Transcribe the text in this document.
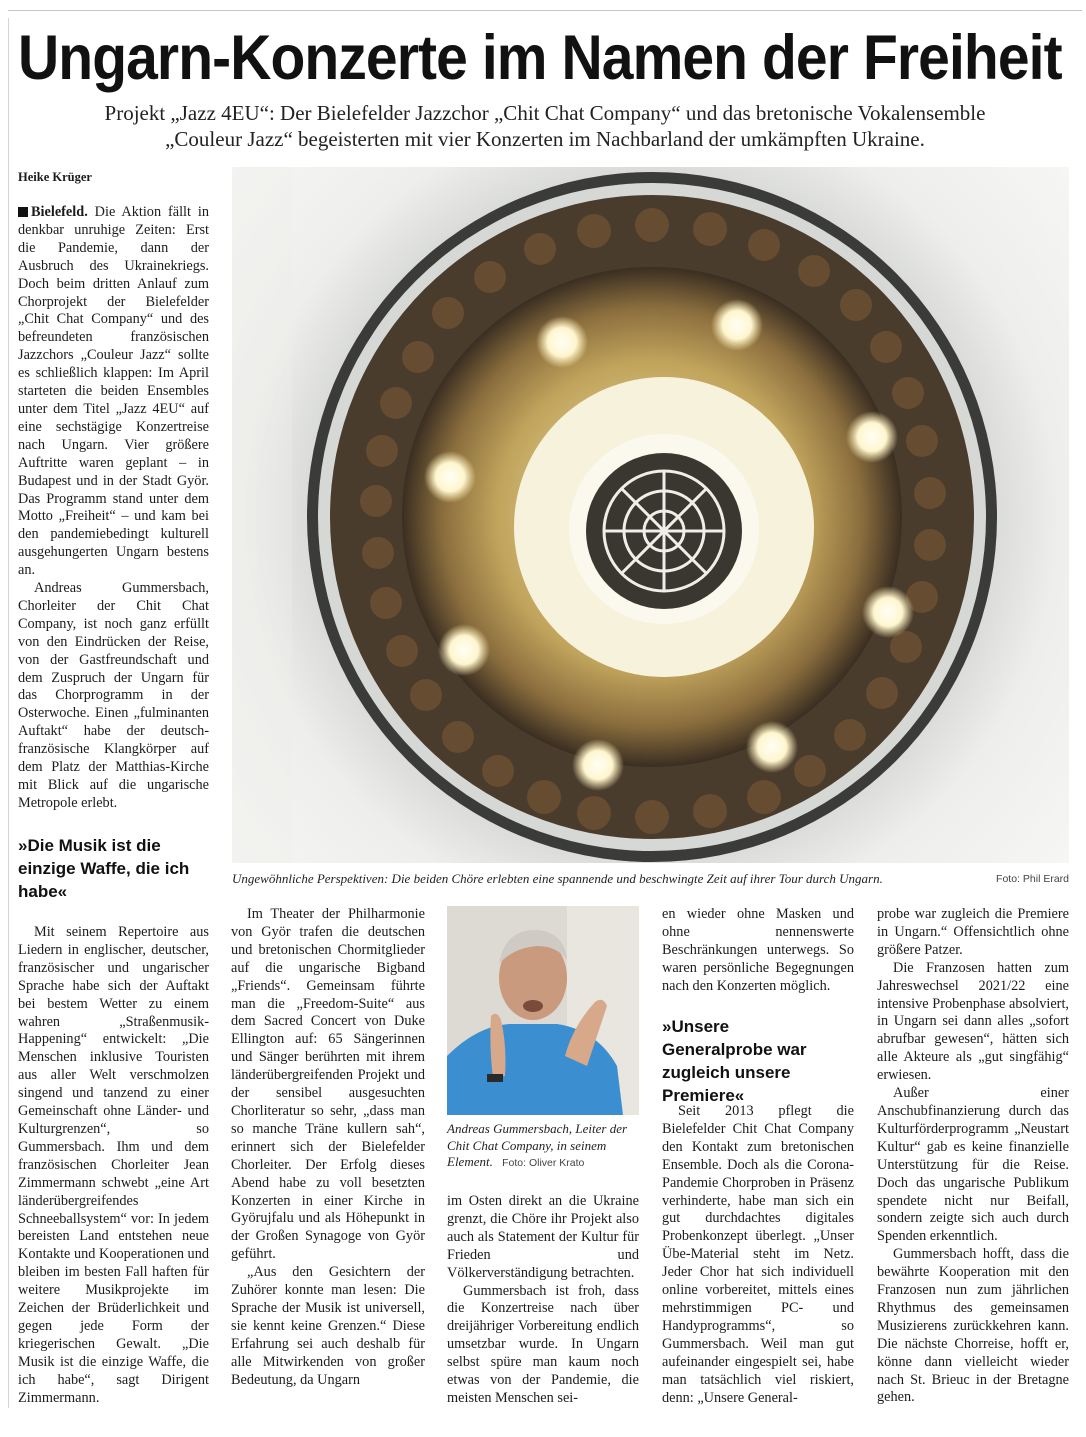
Ungarn-Konzerte im Namen der Freiheit
Projekt „Jazz 4EU“: Der Bielefelder Jazzchor „Chit Chat Company“ und das bretonische Vokalensemble
„Couleur Jazz“ begeisterten mit vier Konzerten im Nachbarland der umkämpften Ukraine.
Heike Krüger

Bielefeld. Die Aktion fällt in denkbar unruhige Zeiten: Erst die Pandemie, dann der Ausbruch des Ukrainekriegs. Doch beim dritten Anlauf zum Chorprojekt der Bielefelder „Chit Chat Company“ und des befreundeten französischen Jazzchors „Couleur Jazz“ sollte es schließlich klappen: Im April starteten die beiden Ensembles unter dem Titel „Jazz 4EU“ auf eine sechstägige Konzertreise nach Ungarn. Vier größere Auftritte waren geplant – in Budapest und in der Stadt Györ. Das Programm stand unter dem Motto „Freiheit“ – und kam bei den pandemiebedingt kulturell ausgehungerten Ungarn bestens an.

Andreas Gummersbach, Chorleiter der Chit Chat Company, ist noch ganz erfüllt von den Eindrücken der Reise, von der Gastfreundschaft und dem Zuspruch der Ungarn für das Chorprogramm in der Osterwoche. Einen „fulminanten Auftakt“ habe der deutsch-französische Klangkörper auf dem Platz der Matthias-Kirche mit Blick auf die ungarische Metropole erlebt.

»Die Musik ist die einzige Waffe, die ich habe«

Mit seinem Repertoire aus Liedern in englischer, deutscher, französischer und ungarischer Sprache habe sich der Auftakt bei bestem Wetter zu einem wahren „Straßenmusik-Happening“ entwickelt: „Die Menschen inklusive Touristen aus aller Welt verschmolzen singend und tanzend zu einer Gemeinschaft ohne Länder- und Kulturgrenzen“, so Gummersbach. Ihm und dem französischen Chorleiter Jean Zimmermann schwebt „eine Art länderübergreifendes Schneeballsystem“ vor: In jedem bereisten Land entstehen neue Kontakte und Kooperationen und bleiben im besten Fall haften für weitere Musikprojekte im Zeichen der Brüderlichkeit und gegen jede Form der kriegerischen Gewalt. „Die Musik ist die einzige Waffe, die ich habe“, sagt Dirigent Zimmermann.

Ungewöhnliche Perspektiven: Die beiden Chöre erlebten eine spannende und beschwingte Zeit auf ihrer Tour durch Ungarn.	Foto: Phil Erard

Im Theater der Philharmonie von Györ trafen die deutschen und bretonischen Chormitglieder auf die ungarische Bigband „Friends“. Gemeinsam führte man die „Freedom-Suite“ aus dem Sacred Concert von Duke Ellington auf: 65 Sängerinnen und Sänger berührten mit ihrem länderübergreifenden Projekt und der sensibel ausgesuchten Chorliteratur so sehr, „dass man so manche Träne kullern sah“, erinnert sich der Bielefelder Chorleiter. Der Erfolg dieses Abend habe zu voll besetzten Konzerten in einer Kirche in Györujfalu und als Höhepunkt in der Großen Synagoge von Györ geführt.

„Aus den Gesichtern der Zuhörer konnte man lesen: Die Sprache der Musik ist universell, sie kennt keine Grenzen.“ Diese Erfahrung sei auch deshalb für alle Mitwirkenden von großer Bedeutung, da Ungarn

Andreas Gummersbach, Leiter der Chit Chat Company, in seinem Element. Foto: Oliver Krato

im Osten direkt an die Ukraine grenzt, die Chöre ihr Projekt also auch als Statement der Kultur für Frieden und Völkerverständigung betrachten.

Gummersbach ist froh, dass die Konzertreise nach über dreijähriger Vorbereitung endlich umsetzbar wurde. In Ungarn selbst spüre man kaum noch etwas von der Pandemie, die meisten Menschen sei-

en wieder ohne Masken und ohne nennenswerte Beschränkungen unterwegs. So waren persönliche Begegnungen nach den Konzerten möglich.

»Unsere Generalprobe war zugleich unsere Premiere«

Seit 2013 pflegt die Bielefelder Chit Chat Company den Kontakt zum bretonischen Ensemble. Doch als die Corona-Pandemie Chorproben in Präsenz verhinderte, habe man sich ein gut durchdachtes digitales Probenkonzept überlegt. „Unser Übe-Material steht im Netz. Jeder Chor hat sich individuell online vorbereitet, mittels eines mehrstimmigen PC- und Handyprogramms“, so Gummersbach. Weil man gut aufeinander eingespielt sei, habe man tatsächlich viel riskiert, denn: „Unsere General-

probe war zugleich die Premiere in Ungarn.“ Offensichtlich ohne größere Patzer.

Die Franzosen hatten zum Jahreswechsel 2021/22 eine intensive Probenphase absolviert, in Ungarn sei dann alles „sofort abrufbar gewesen“, hätten sich alle Akteure als „gut singfähig“ erwiesen.

Außer einer Anschubfinanzierung durch das Kulturförderprogramm „Neustart Kultur“ gab es keine finanzielle Unterstützung für die Reise. Doch das ungarische Publikum spendete nicht nur Beifall, sondern zeigte sich auch durch Spenden erkenntlich.

Gummersbach hofft, dass die bewährte Kooperation mit den Franzosen nun zum jährlichen Rhythmus des gemeinsamen Musizierens zurückkehren kann. Die nächste Chorreise, hofft er, könne dann vielleicht wieder nach St. Brieuc in der Bretagne gehen.
